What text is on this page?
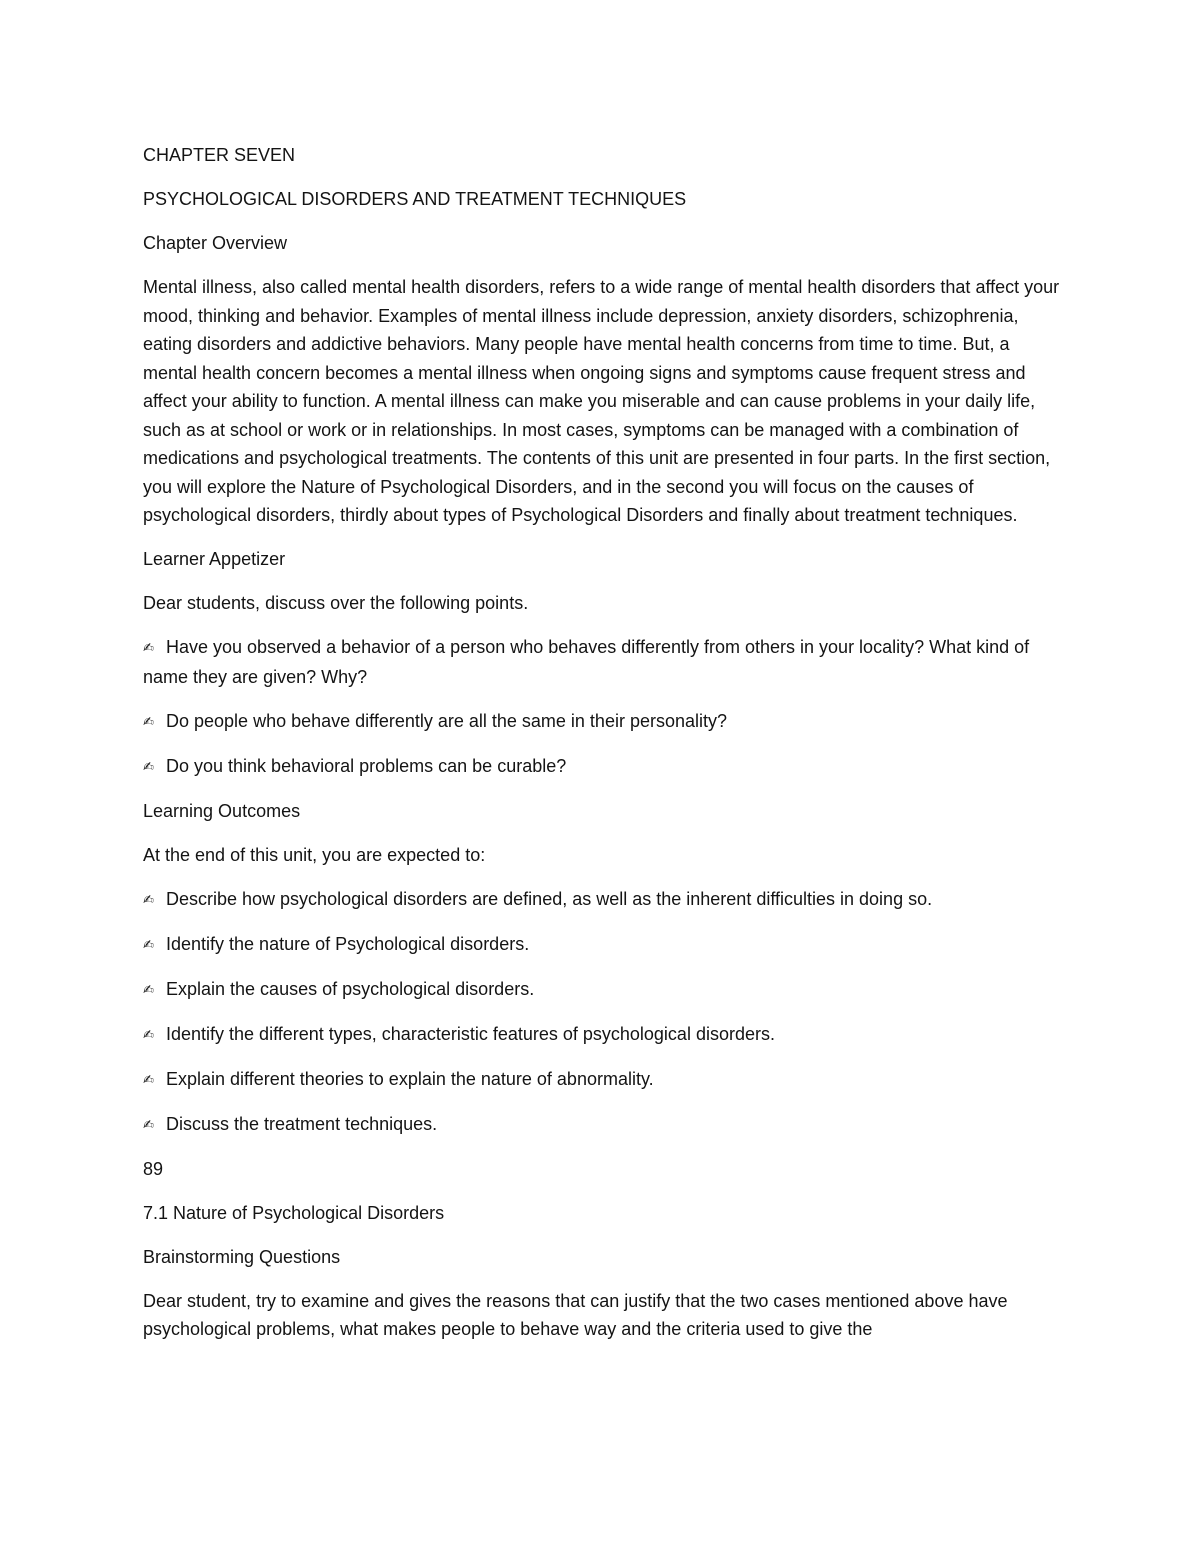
CHAPTER SEVEN

PSYCHOLOGICAL DISORDERS AND TREATMENT TECHNIQUES

Chapter Overview

Mental illness, also called mental health disorders, refers to a wide range of mental health disorders that affect your mood, thinking and behavior. Examples of mental illness include depression, anxiety disorders, schizophrenia, eating disorders and addictive behaviors. Many people have mental health concerns from time to time. But, a mental health concern becomes a mental illness when ongoing signs and symptoms cause frequent stress and affect your ability to function. A mental illness can make you miserable and can cause problems in your daily life, such as at school or work or in relationships. In most cases, symptoms can be managed with a combination of medications and psychological treatments. The contents of this unit are presented in four parts. In the first section, you will explore the Nature of Psychological Disorders, and in the second you will focus on the causes of psychological disorders, thirdly about types of Psychological Disorders and finally about treatment techniques.

Learner Appetizer

Dear students, discuss over the following points.

✍ Have you observed a behavior of a person who behaves differently from others in your locality? What kind of name they are given? Why?

✍ Do people who behave differently are all the same in their personality?

✍ Do you think behavioral problems can be curable?

Learning Outcomes

At the end of this unit, you are expected to:

✍ Describe how psychological disorders are defined, as well as the inherent difficulties in doing so.

✍ Identify the nature of Psychological disorders.

✍ Explain the causes of psychological disorders.

✍ Identify the different types, characteristic features of psychological disorders.

✍ Explain different theories to explain the nature of abnormality.

✍ Discuss the treatment techniques.

89

7.1 Nature of Psychological Disorders

Brainstorming Questions

Dear student, try to examine and gives the reasons that can justify that the two cases mentioned above have psychological problems, what makes people to behave way and the criteria used to give the
